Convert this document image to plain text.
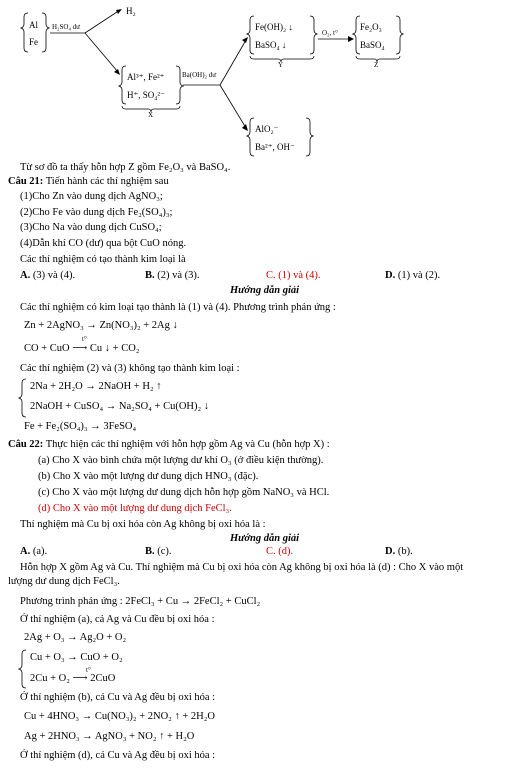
Al
Fe
H₂SO₄ dư
H₂
Al³⁺, Fe²⁺
H⁺, SO₄²⁻
X
Ba(OH)₂ dư
Fe(OH)₂ ↓
BaSO₄ ↓
Y
O₂, t°
Fe₂O₃
BaSO₄
Z
AlO₂⁻
Ba²⁺, OH⁻
Từ sơ đồ ta thấy hỗn hợp Z gồm Fe₂O₃ và BaSO₄.
Câu 21: Tiến hành các thí nghiệm sau
(1)Cho Zn vào dung dịch AgNO₃;
(2)Cho Fe vào dung dịch Fe₂(SO₄)₃;
(3)Cho Na vào dung dịch CuSO₄;
(4)Dẫn khí CO (dư) qua bột CuO nóng.
Các thí nghiệm có tạo thành kim loại là
A. (3) và (4).	B. (2) và (3).	C. (1) và (4).	D. (1) và (2).
Hướng dẫn giải
Các thí nghiệm có kim loại tạo thành là (1) và (4). Phương trình phản ứng :
Zn + 2AgNO₃ → Zn(NO₃)₂ + 2Ag ↓
CO + CuO ⟶ Cu ↓ + CO₂
t°
Các thí nghiệm (2) và (3) không tạo thành kim loại :
2Na + 2H₂O → 2NaOH + H₂ ↑
2NaOH + CuSO₄ → Na₂SO₄ + Cu(OH)₂ ↓
Fe + Fe₂(SO₄)₃ → 3FeSO₄
Câu 22: Thực hiện các thí nghiệm với hỗn hợp gồm Ag và Cu (hỗn hợp X) :
(a) Cho X vào bình chứa một lượng dư khí O₃ (ở điều kiện thường).
(b) Cho X vào một lượng dư dung dịch HNO₃ (đặc).
(c) Cho X vào một lượng dư dung dịch hỗn hợp gồm NaNO₃ và HCl.
(d) Cho X vào một lượng dư dung dịch FeCl₃.
Thí nghiệm mà Cu bị oxi hóa còn Ag không bị oxi hóa là :
Hướng dẫn giải
A. (a).	B. (c).	C. (d).	D. (b).
Hỗn hợp X gồm Ag và Cu. Thí nghiệm mà Cu bị oxi hóa còn Ag không bị oxi hóa là (d) : Cho X vào một
lượng dư dung dịch FeCl₃.
Phương trình phản ứng : 2FeCl₃ + Cu → 2FeCl₂ + CuCl₂
Ở thí nghiệm (a), cả Ag và Cu đều bị oxi hóa :
2Ag + O₃ → Ag₂O + O₂
Cu + O₃ → CuO + O₂
2Cu + O₂ ⟶ 2CuO
t°
Ở thí nghiệm (b), cả Cu và Ag đều bị oxi hóa :
Cu + 4HNO₃ → Cu(NO₃)₂ + 2NO₂ ↑ + 2H₂O
Ag + 2HNO₃ → AgNO₃ + NO₂ ↑ + H₂O
Ở thí nghiệm (d), cả Cu và Ag đều bị oxi hóa :
